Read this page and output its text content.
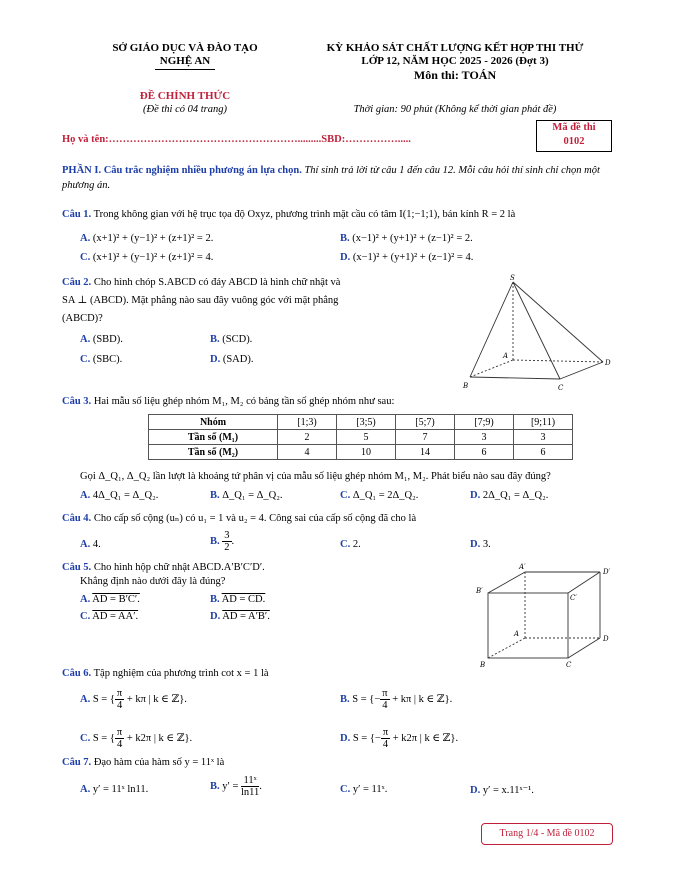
SỞ GIÁO DỤC VÀ ĐÀO TẠO
NGHỆ AN
ĐỀ CHÍNH THỨC
(Đề thi có 04 trang)
KỲ KHẢO SÁT CHẤT LƯỢNG KẾT HỢP THI THỬ
LỚP 12, NĂM HỌC 2025 - 2026 (Đợt 3)
Môn thi: TOÁN
Thời gian: 90 phút (Không kể thời gian phát đề)
Họ và tên:……………………………………………….........SBD:…………….....
Mã đề thi
0102
PHẦN I. Câu trắc nghiệm nhiều phương án lựa chọn. Thí sinh trả lời từ câu 1 đến câu 12. Mỗi câu hỏi thí sinh chỉ chọn một phương án.
Câu 1. Trong không gian với hệ trục tọa độ Oxyz, phương trình mặt cầu có tâm I(1;−1;1), bán kính R = 2 là
A. (x+1)² + (y−1)² + (z+1)² = 2.	B. (x−1)² + (y+1)² + (z−1)² = 2.
C. (x+1)² + (y−1)² + (z+1)² = 4.	D. (x−1)² + (y+1)² + (z−1)² = 4.
Câu 2. Cho hình chóp S.ABCD có đáy ABCD là hình chữ nhật và
SA ⊥ (ABCD). Mặt phẳng nào sau đây vuông góc với mặt phẳng
(ABCD)?
A. (SBD).	B. (SCD).
C. (SBC).	D. (SAD).
S
A
B	C
D
Câu 3. Hai mẫu số liệu ghép nhóm M₁, M₂ có bảng tần số ghép nhóm như sau:
Nhóm	[1;3)	[3;5)	[5;7)	[7;9)	[9;11)
Tần số (M₁)	2	5	7	3	3
Tần số (M₂)	4	10	14	6	6
Gọi Δ_Q₁, Δ_Q₂ lần lượt là khoảng tứ phân vị của mẫu số liệu ghép nhóm M₁, M₂. Phát biểu nào sau đây đúng?
A. 4Δ_Q₁ = Δ_Q₂.	B. Δ_Q₁ = Δ_Q₂.	C. Δ_Q₁ = 2Δ_Q₂.	D. 2Δ_Q₁ = Δ_Q₂.
Câu 4. Cho cấp số cộng (uₙ) có u₁ = 1 và u₂ = 4. Công sai của cấp số cộng đã cho là
A. 4.	B. $\frac{3}{2}$ .	C. 2.	D. 3.
Câu 5. Cho hình hộp chữ nhật ABCD.A′B′C′D′.
Khẳng định nào dưới đây là đúng?
A. AD = B′C′.	B. AD = CD.
C. AD = AA′.	D. AD = A′B′.
A′
D′
B′
C′
A
D
B	C
Câu 6. Tập nghiệm của phương trình cot x = 1 là
A. S = { $\frac{\pi}{4} + k\pi$ | k ∈ ℤ}.	B. S = {− $\frac{\pi}{4} + k\pi$ | k ∈ ℤ}.
C. S = { $\frac{\pi}{4} + k2\pi$ | k ∈ ℤ}.	D. S = {− $\frac{\pi}{4} + k2\pi$ | k ∈ ℤ}.
Câu 7. Đạo hàm của hàm số y = 11ˣ là
A. y′ = 11ˣ ln11.	B. $y' = \frac{\text{11ˣ}}{\ln 11}$ .	C. y′ = 11ˣ.	D. y′ = x.11ˣ⁻¹.
Trang 1/4 - Mã đề 0102
